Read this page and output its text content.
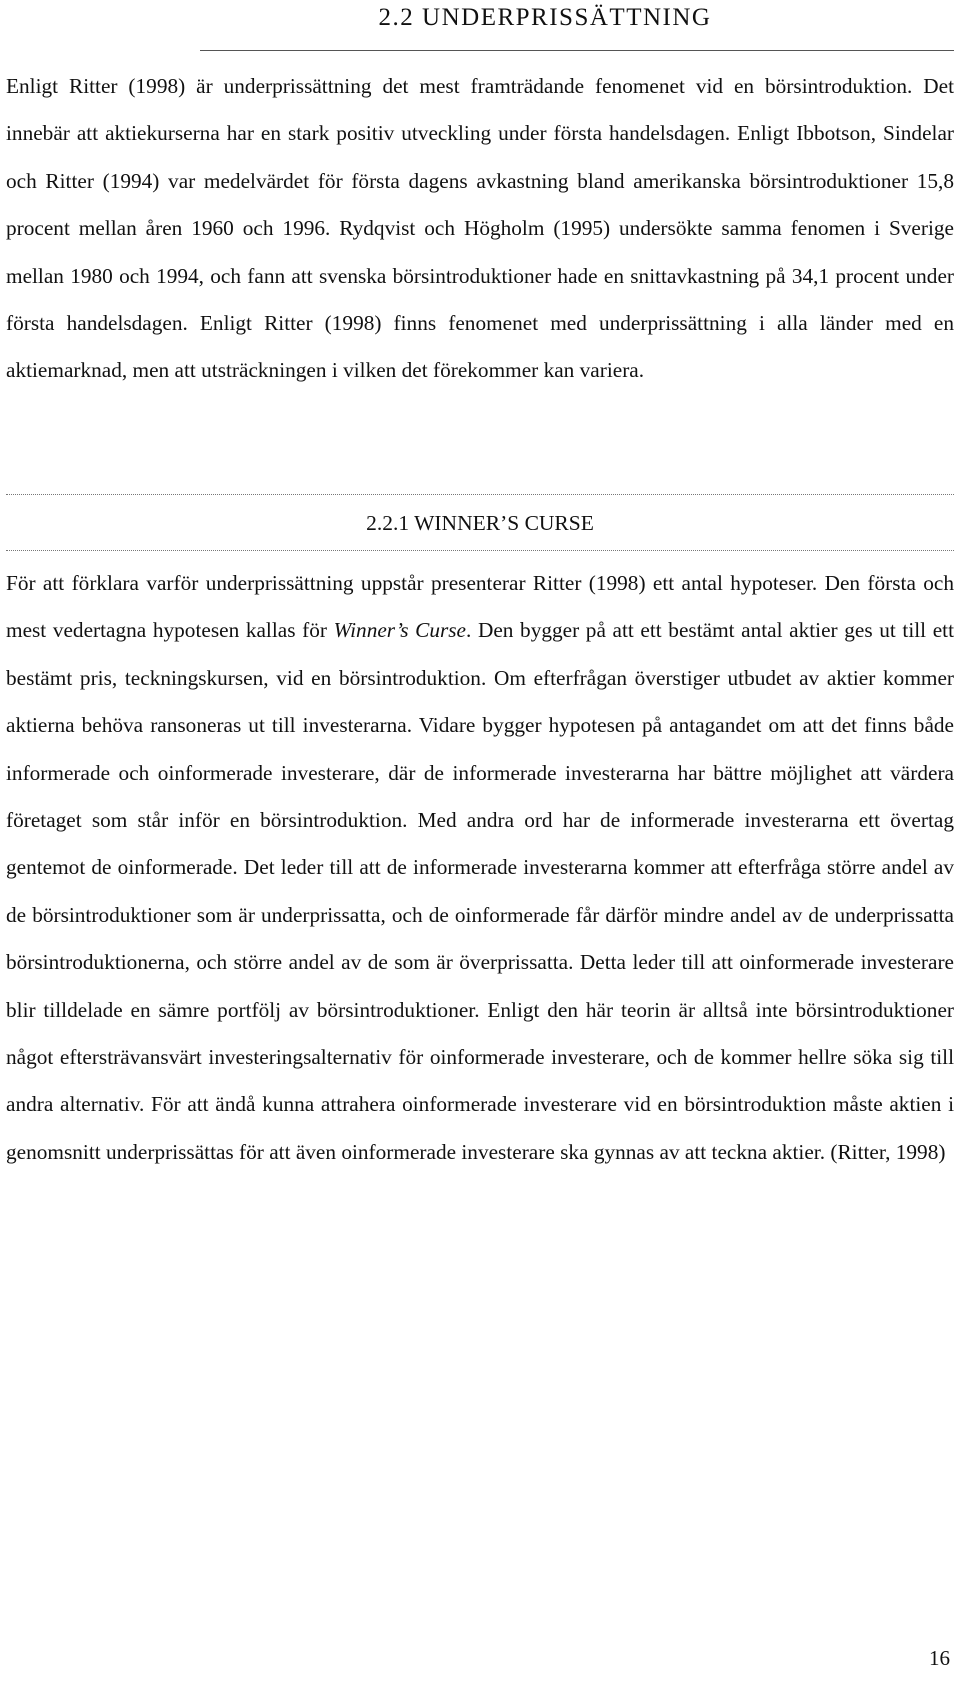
2.2 UNDERPRISSÄTTNING

Enligt Ritter (1998) är underprissättning det mest framträdande fenomenet vid en börsintroduktion. Det innebär att aktiekurserna har en stark positiv utveckling under första handelsdagen. Enligt Ibbotson, Sindelar och Ritter (1994) var medelvärdet för första dagens avkastning bland amerikanska börsintroduktioner 15,8 procent mellan åren 1960 och 1996. Rydqvist och Högholm (1995) undersökte samma fenomen i Sverige mellan 1980 och 1994, och fann att svenska börsintroduktioner hade en snittavkastning på 34,1 procent under första handelsdagen. Enligt Ritter (1998) finns fenomenet med underprissättning i alla länder med en aktiemarknad, men att utsträckningen i vilken det förekommer kan variera.

2.2.1 WINNER’S CURSE

För att förklara varför underprissättning uppstår presenterar Ritter (1998) ett antal hypoteser. Den första och mest vedertagna hypotesen kallas för Winner’s Curse. Den bygger på att ett bestämt antal aktier ges ut till ett bestämt pris, teckningskursen, vid en börsintroduktion. Om efterfrågan överstiger utbudet av aktier kommer aktierna behöva ransoneras ut till investerarna. Vidare bygger hypotesen på antagandet om att det finns både informerade och oinformerade investerare, där de informerade investerarna har bättre möjlighet att värdera företaget som står inför en börsintroduktion. Med andra ord har de informerade investerarna ett övertag gentemot de oinformerade. Det leder till att de informerade investerarna kommer att efterfråga större andel av de börsintroduktioner som är underprissatta, och de oinformerade får därför mindre andel av de underprissatta börsintroduktionerna, och större andel av de som är överprissatta. Detta leder till att oinformerade investerare blir tilldelade en sämre portfölj av börsintroduktioner. Enligt den här teorin är alltså inte börsintroduktioner något eftersträvansvärt investeringsalternativ för oinformerade investerare, och de kommer hellre söka sig till andra alternativ. För att ändå kunna attrahera oinformerade investerare vid en börsintroduktion måste aktien i genomsnitt underprissättas för att även oinformerade investerare ska gynnas av att teckna aktier. (Ritter, 1998)

16
